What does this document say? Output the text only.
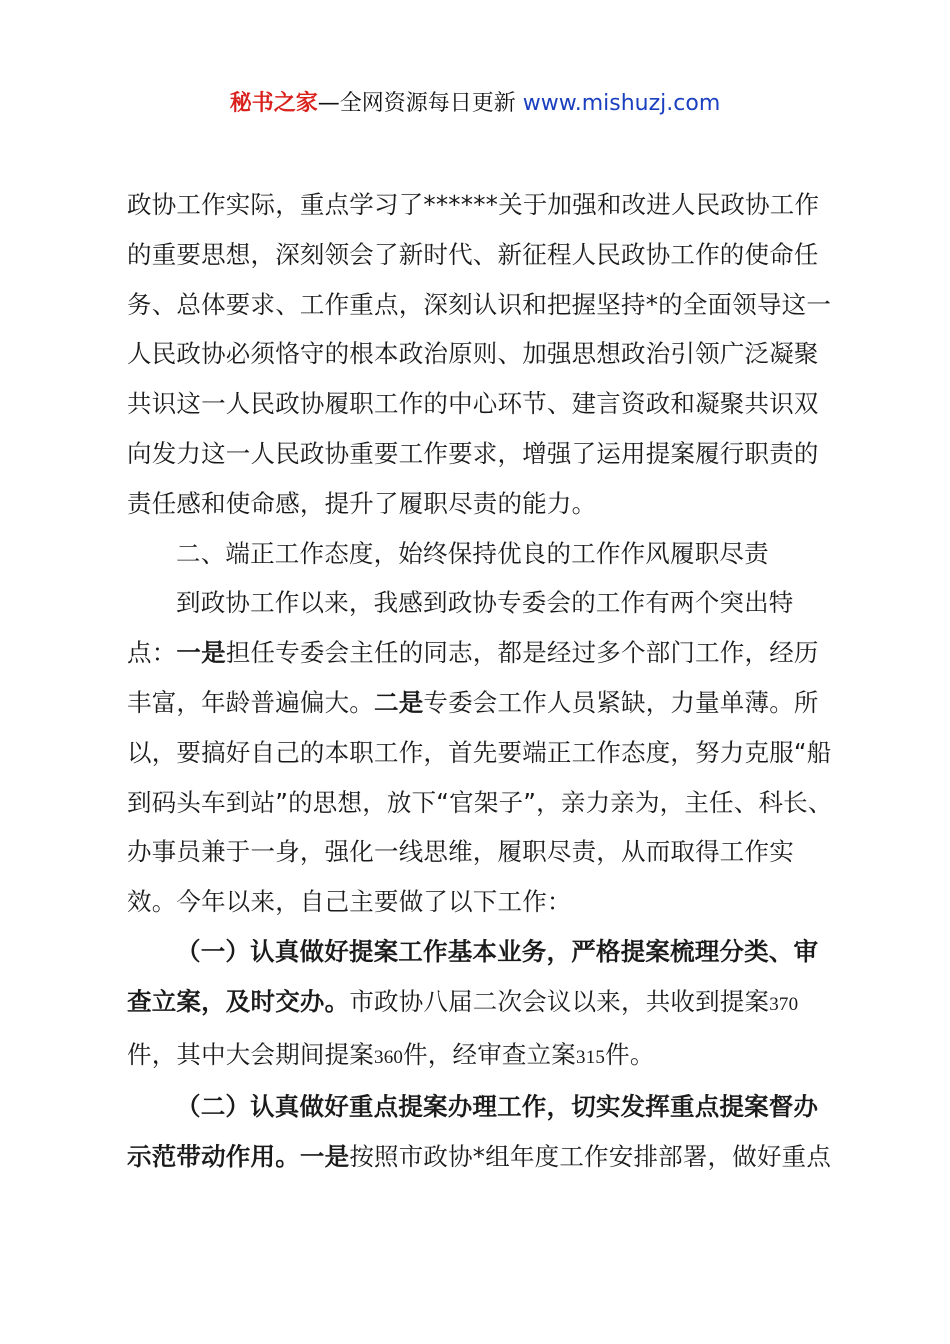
秘书之家—全网资源每日更新 www.mishuzj.com

政协工作实际，重点学习了******关于加强和改进人民政协工作的重要思想，深刻领会了新时代、新征程人民政协工作的使命任务、总体要求、工作重点，深刻认识和把握坚持*的全面领导这一人民政协必须恪守的根本政治原则、加强思想政治引领广泛凝聚共识这一人民政协履职工作的中心环节、建言资政和凝聚共识双向发力这一人民政协重要工作要求，增强了运用提案履行职责的责任感和使命感，提升了履职尽责的能力。

二、端正工作态度，始终保持优良的工作作风履职尽责

到政协工作以来，我感到政协专委会的工作有两个突出特点：一是担任专委会主任的同志，都是经过多个部门工作，经历丰富，年龄普遍偏大。二是专委会工作人员紧缺，力量单薄。所以，要搞好自己的本职工作，首先要端正工作态度，努力克服“船到码头车到站”的思想，放下“官架子”，亲力亲为，主任、科长、办事员兼于一身，强化一线思维，履职尽责，从而取得工作实效。今年以来，自己主要做了以下工作：

（一）认真做好提案工作基本业务，严格提案梳理分类、审查立案，及时交办。市政协八届二次会议以来，共收到提案370件，其中大会期间提案360件，经审查立案315件。

（二）认真做好重点提案办理工作，切实发挥重点提案督办示范带动作用。一是按照市政协*组年度工作安排部署，做好重点
